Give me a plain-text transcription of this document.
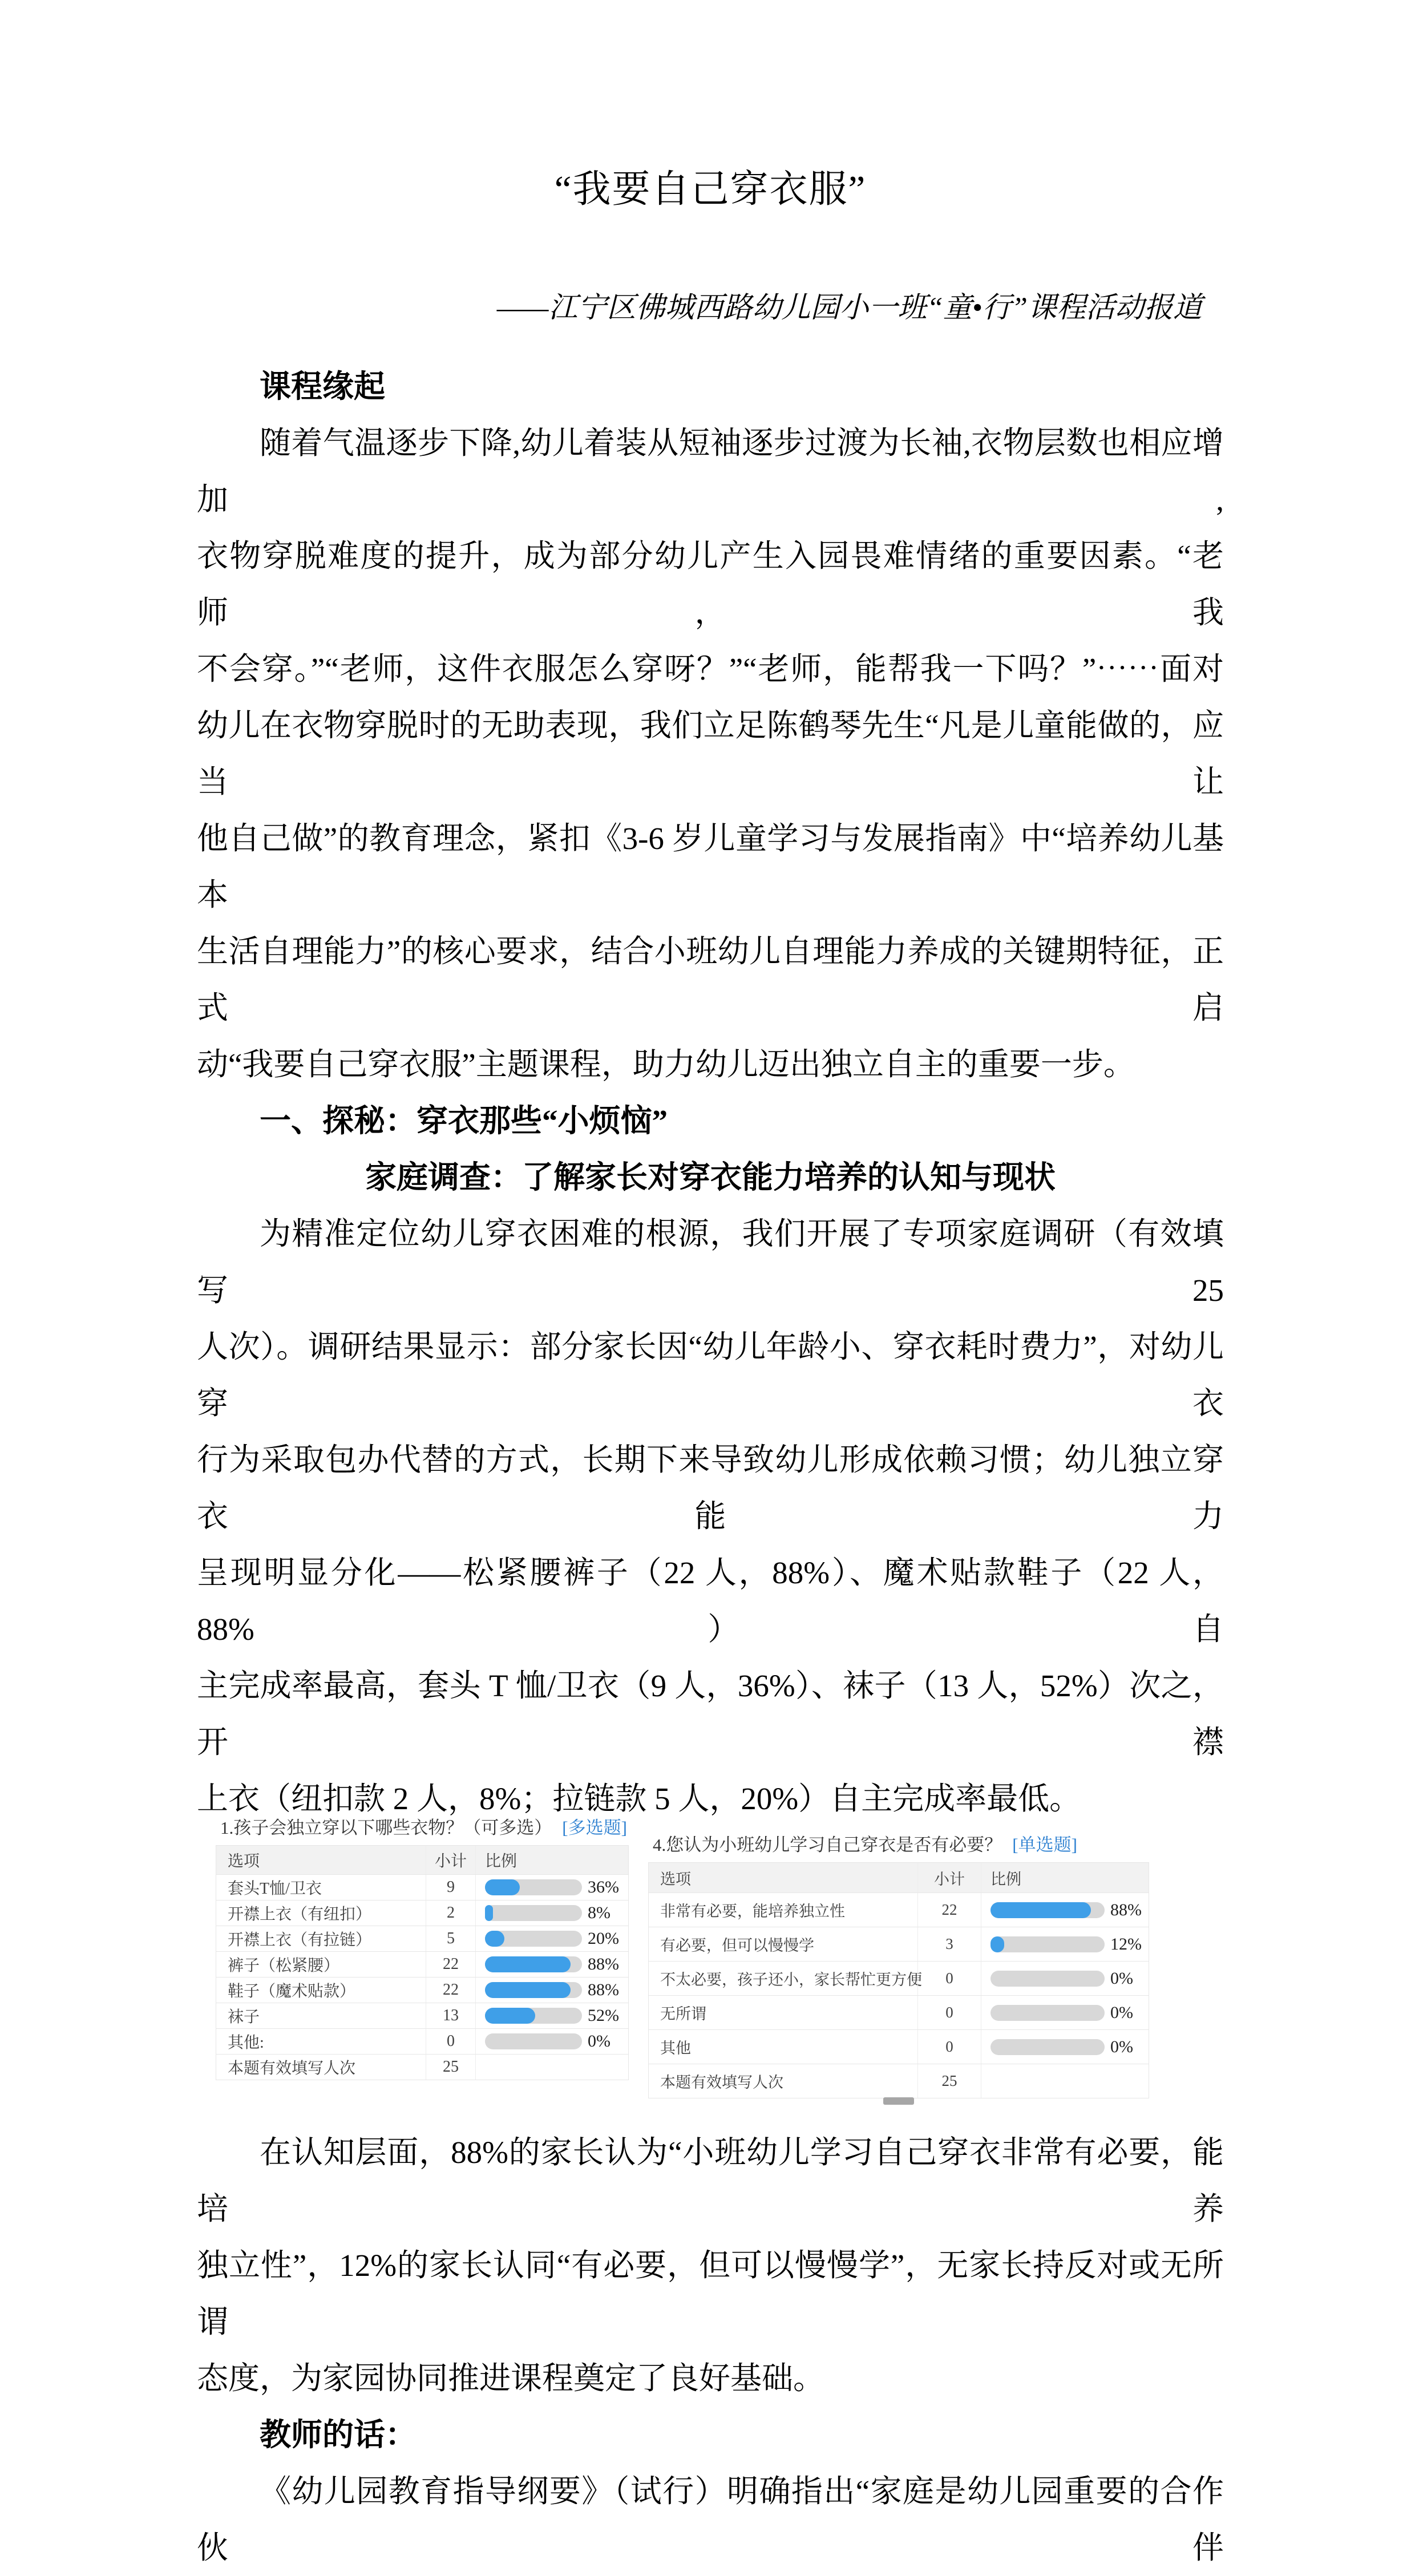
“我要自己穿衣服”
——江宁区佛城西路幼儿园小一班“童•行”课程活动报道
课程缘起
随着气温逐步下降,幼儿着装从短袖逐步过渡为长袖,衣物层数也相应增加,
衣物穿脱难度的提升，成为部分幼儿产生入园畏难情绪的重要因素。“老师，我
不会穿。”“老师，这件衣服怎么穿呀？”“老师，能帮我一下吗？”⋯⋯面对
幼儿在衣物穿脱时的无助表现，我们立足陈鹤琴先生“凡是儿童能做的，应当让
他自己做”的教育理念，紧扣《3-6 岁儿童学习与发展指南》中“培养幼儿基本
生活自理能力”的核心要求，结合小班幼儿自理能力养成的关键期特征，正式启
动“我要自己穿衣服”主题课程，助力幼儿迈出独立自主的重要一步。
一、探秘：穿衣那些“小烦恼”
家庭调查：了解家长对穿衣能力培养的认知与现状
为精准定位幼儿穿衣困难的根源，我们开展了专项家庭调研（有效填写 25
人次）。调研结果显示：部分家长因“幼儿年龄小、穿衣耗时费力”，对幼儿穿衣
行为采取包办代替的方式，长期下来导致幼儿形成依赖习惯；幼儿独立穿衣能力
呈现明显分化——松紧腰裤子（22 人，88%）、魔术贴款鞋子（22 人，88%）自
主完成率最高，套头 T 恤/卫衣（9 人，36%）、袜子（13 人，52%）次之，开襟
上衣（纽扣款 2 人，8%；拉链款 5 人，20%）自主完成率最低。
1.孩子会独立穿以下哪些衣物？（可多选） [多选题]
选项	小计	比例
套头T恤/卫衣	9	36%
开襟上衣（有纽扣）	2	8%
开襟上衣（有拉链）	5	20%
裤子（松紧腰）	22	88%
鞋子（魔术贴款）	22	88%
袜子	13	52%
其他:	0	0%
本题有效填写人次	25
4.您认为小班幼儿学习自己穿衣是否有必要？ [单选题]
选项	小计	比例
非常有必要，能培养独立性	22	88%
有必要，但可以慢慢学	3	12%
不太必要，孩子还小，家长帮忙更方便	0	0%
无所谓	0	0%
其他	0	0%
本题有效填写人次	25
在认知层面，88%的家长认为“小班幼儿学习自己穿衣非常有必要，能培养
独立性”，12%的家长认同“有必要，但可以慢慢学”，无家长持反对或无所谓
态度，为家园协同推进课程奠定了良好基础。
教师的话：
《幼儿园教育指导纲要》（试行）明确指出“家庭是幼儿园重要的合作伙伴
